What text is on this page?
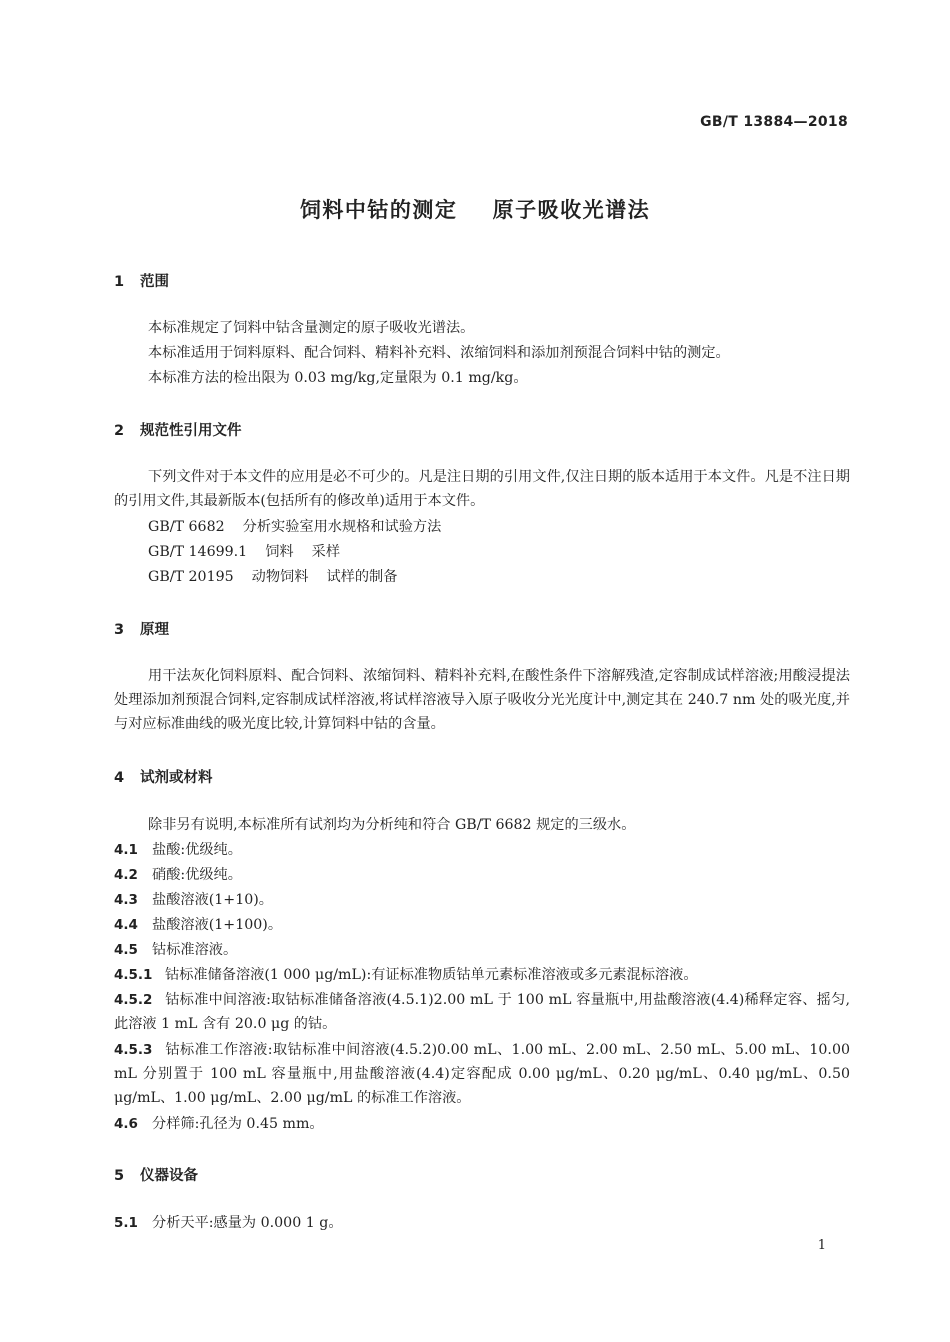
GB/T 13884—2018
饲料中钴的测定    原子吸收光谱法
1 范围
本标准规定了饲料中钴含量测定的原子吸收光谱法。
本标准适用于饲料原料、配合饲料、精料补充料、浓缩饲料和添加剂预混合饲料中钴的测定。
本标准方法的检出限为 0.03 mg/kg,定量限为 0.1 mg/kg。
2 规范性引用文件
下列文件对于本文件的应用是必不可少的。凡是注日期的引用文件,仅注日期的版本适用于本文件。凡是不注日期的引用文件,其最新版本(包括所有的修改单)适用于本文件。
GB/T 6682    分析实验室用水规格和试验方法
GB/T 14699.1    饲料    采样
GB/T 20195    动物饲料    试样的制备
3 原理
用干法灰化饲料原料、配合饲料、浓缩饲料、精料补充料,在酸性条件下溶解残渣,定容制成试样溶液;用酸浸提法处理添加剂预混合饲料,定容制成试样溶液,将试样溶液导入原子吸收分光光度计中,测定其在 240.7 nm 处的吸光度,并与对应标准曲线的吸光度比较,计算饲料中钴的含量。
4 试剂或材料
除非另有说明,本标准所有试剂均为分析纯和符合 GB/T 6682 规定的三级水。
4.1 盐酸:优级纯。
4.2 硝酸:优级纯。
4.3 盐酸溶液(1+10)。
4.4 盐酸溶液(1+100)。
4.5 钴标准溶液。
4.5.1 钴标准储备溶液(1 000 μg/mL):有证标准物质钴单元素标准溶液或多元素混标溶液。
4.5.2 钴标准中间溶液:取钴标准储备溶液(4.5.1)2.00 mL 于 100 mL 容量瓶中,用盐酸溶液(4.4)稀释定容、摇匀,此溶液 1 mL 含有 20.0 μg 的钴。
4.5.3 钴标准工作溶液:取钴标准中间溶液(4.5.2)0.00 mL、1.00 mL、2.00 mL、2.50 mL、5.00 mL、10.00 mL 分别置于 100 mL 容量瓶中,用盐酸溶液(4.4)定容配成 0.00 μg/mL、0.20 μg/mL、0.40 μg/mL、0.50 μg/mL、1.00 μg/mL、2.00 μg/mL 的标准工作溶液。
4.6 分样筛:孔径为 0.45 mm。
5 仪器设备
5.1 分析天平:感量为 0.000 1 g。
1
